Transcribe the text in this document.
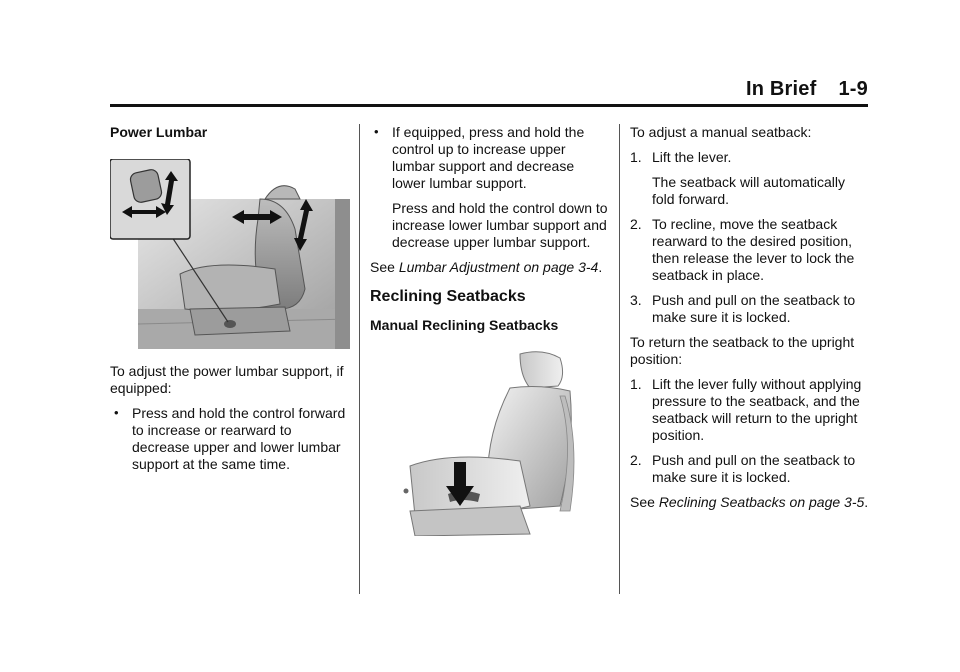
In Brief 1-9
Power Lumbar

To adjust the power lumbar support, if equipped:

• Press and hold the control forward to increase or rearward to decrease upper and lower lumbar support at the same time.
• If equipped, press and hold the control up to increase upper lumbar support and decrease lower lumbar support.
Press and hold the control down to increase lower lumbar support and decrease upper lumbar support.

See Lumbar Adjustment on page 3-4.

Reclining Seatbacks
Manual Reclining Seatbacks

To adjust a manual seatback:

1. Lift the lever.
The seatback will automatically fold forward.
2. To recline, move the seatback rearward to the desired position, then release the lever to lock the seatback in place.
3. Push and pull on the seatback to make sure it is locked.

To return the seatback to the upright position:

1. Lift the lever fully without applying pressure to the seatback, and the seatback will return to the upright position.
2. Push and pull on the seatback to make sure it is locked.

See Reclining Seatbacks on page 3-5.
